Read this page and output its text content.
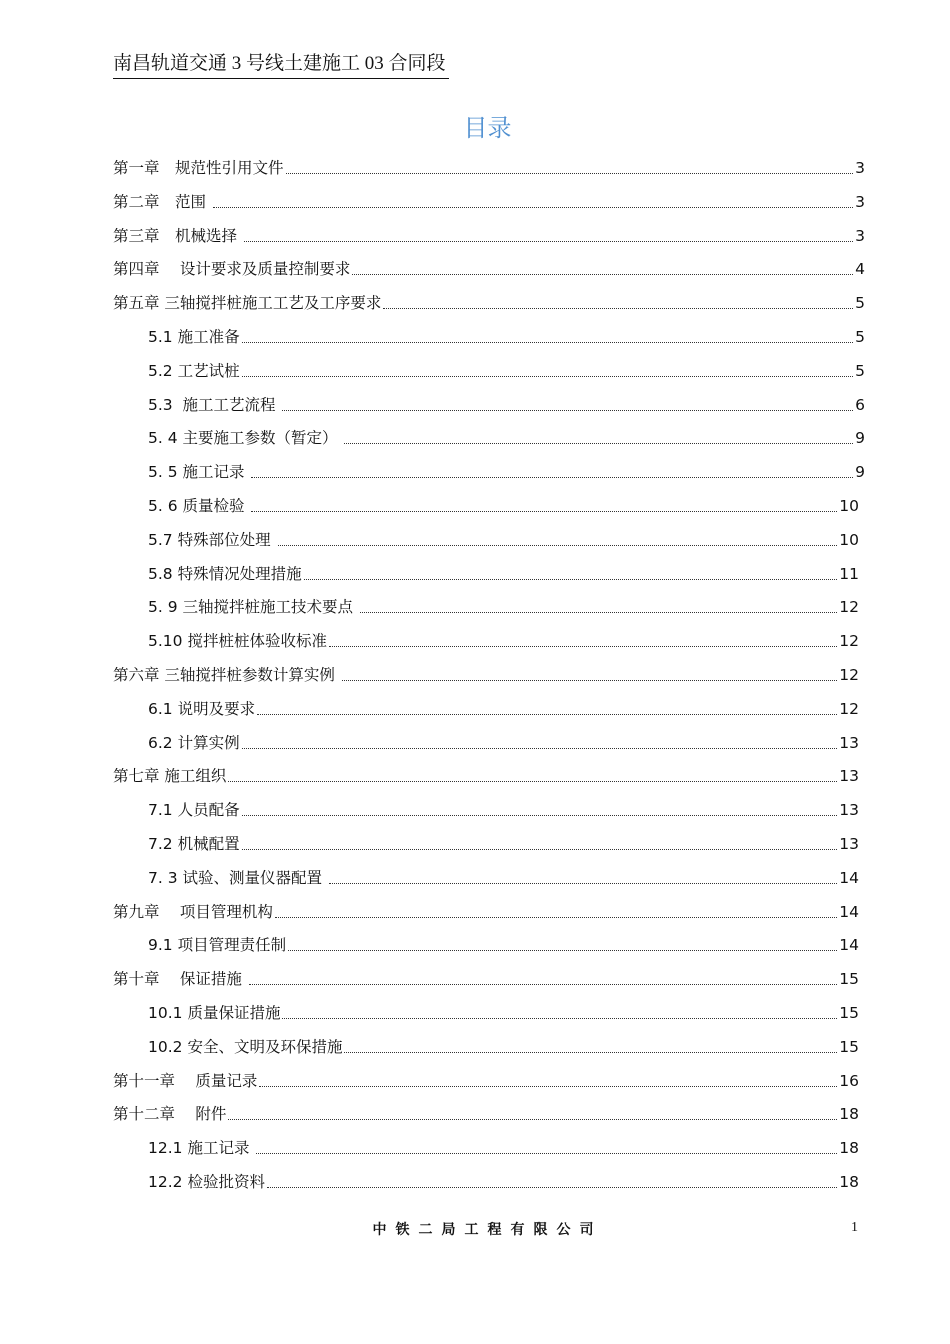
南昌轨道交通 3 号线土建施工 03 合同段
目录
第一章　规范性引用文件	3
第二章　范围	3
第三章　机械选择	3
第四章　 设计要求及质量控制要求	4
第五章 三轴搅拌桩施工工艺及工序要求	5
5.1 施工准备	5
5.2 工艺试桩	5
5.3  施工工艺流程	6
5. 4 主要施工参数（暂定）	9
5. 5 施工记录	9
5. 6 质量检验	10
5.7 特殊部位处理	10
5.8 特殊情况处理措施	11
5. 9 三轴搅拌桩施工技术要点	12
5.10 搅拌桩桩体验收标准	12
第六章 三轴搅拌桩参数计算实例	12
6.1 说明及要求	12
6.2 计算实例	13
第七章 施工组织	13
7.1 人员配备	13
7.2 机械配置	13
7. 3 试验、测量仪器配置	14
第九章　 项目管理机构	14
9.1 项目管理责任制	14
第十章　 保证措施	15
10.1 质量保证措施	15
10.2 安全、文明及环保措施	15
第十一章　 质量记录	16
第十二章　 附件	18
12.1 施工记录	18
12.2 检验批资料	18
中铁二局工程有限公司	1
